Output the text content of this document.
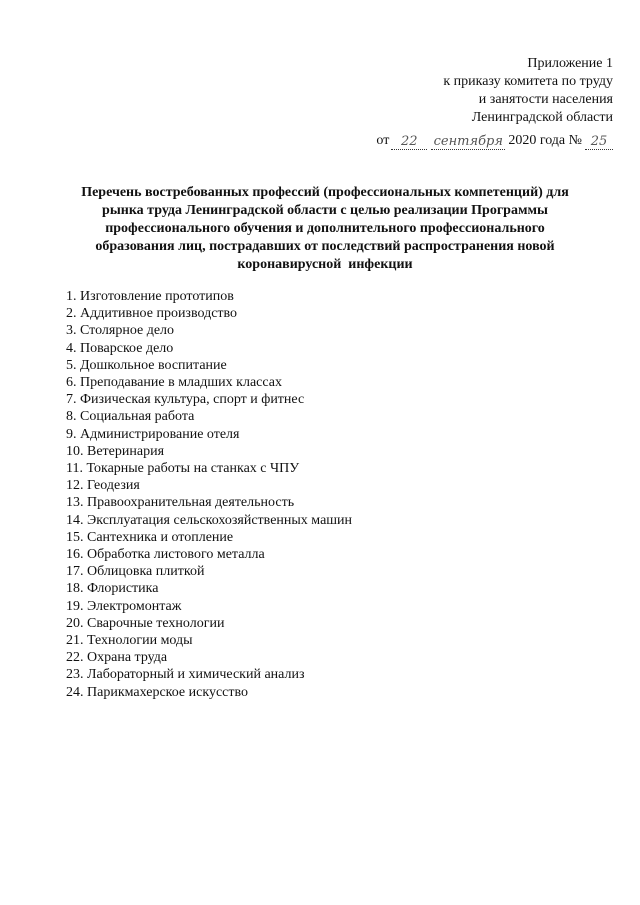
Приложение 1
к приказу комитета по труду
и занятости населения
Ленинградской области
от 22	сентября 2020 года № 25
Перечень востребованных профессий (профессиональных компетенций) для
рынка труда Ленинградской области с целью реализации Программы
профессионального обучения и дополнительного профессионального
образования лиц, пострадавших от последствий распространения новой
коронавирусной  инфекции
1. Изготовление прототипов
2. Аддитивное производство
3. Столярное дело
4. Поварское дело
5. Дошкольное воспитание
6. Преподавание в младших классах
7. Физическая культура, спорт и фитнес
8. Социальная работа
9. Администрирование отеля
10. Ветеринария
11. Токарные работы на станках с ЧПУ
12. Геодезия
13. Правоохранительная деятельность
14. Эксплуатация сельскохозяйственных машин
15. Сантехника и отопление
16. Обработка листового металла
17. Облицовка плиткой
18. Флористика
19. Электромонтаж
20. Сварочные технологии
21. Технологии моды
22. Охрана труда
23. Лабораторный и химический анализ
24. Парикмахерское искусство
